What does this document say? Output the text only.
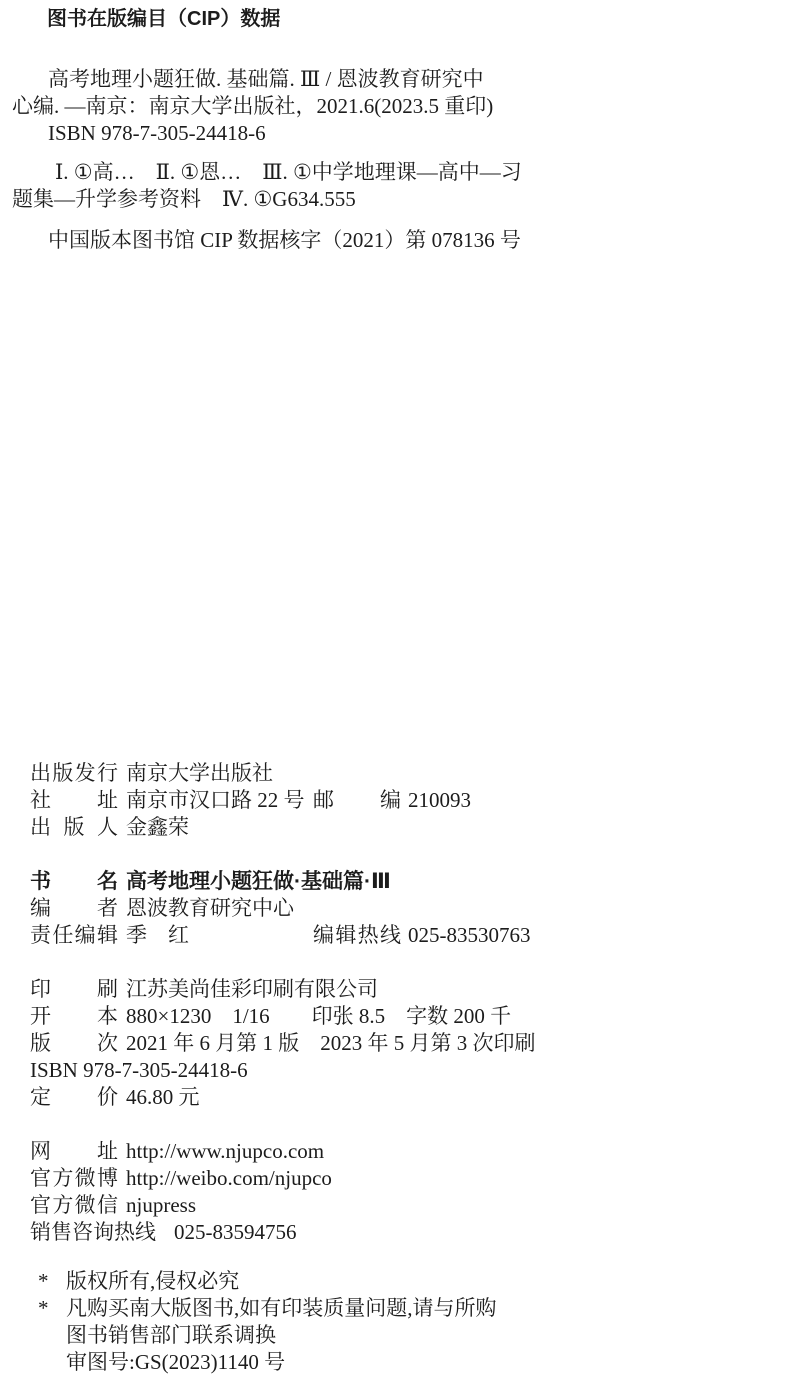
图书在版编目（CIP）数据
高考地理小题狂做. 基础篇. Ⅲ / 恩波教育研究中
心编. —南京：南京大学出版社，2021.6(2023.5 重印)
ISBN 978-7-305-24418-6
Ⅰ. ①高…　Ⅱ. ①恩…　Ⅲ. ①中学地理课—高中—习
题集—升学参考资料　Ⅳ. ①G634.555
中国版本图书馆 CIP 数据核字（2021）第 078136 号
出版发行 南京大学出版社
社址 南京市汉口路 22 号 邮编 210093
出版人 金鑫荣
书名 高考地理小题狂做·基础篇·Ⅲ
编者 恩波教育研究中心
责任编辑 季　红	编辑热线 025-83530763
印刷 江苏美尚佳彩印刷有限公司
开本 880×1230　1/16　　印张 8.5　字数 200 千
版次 2021 年 6 月第 1 版　2023 年 5 月第 3 次印刷
ISBN 978-7-305-24418-6
定价 46.80 元
网址 http://www.njupco.com
官方微博 http://weibo.com/njupco
官方微信 njupress
销售咨询热线 025-83594756
* 版权所有,侵权必究
* 凡购买南大版图书,如有印装质量问题,请与所购
图书销售部门联系调换
审图号:GS(2023)1140 号
